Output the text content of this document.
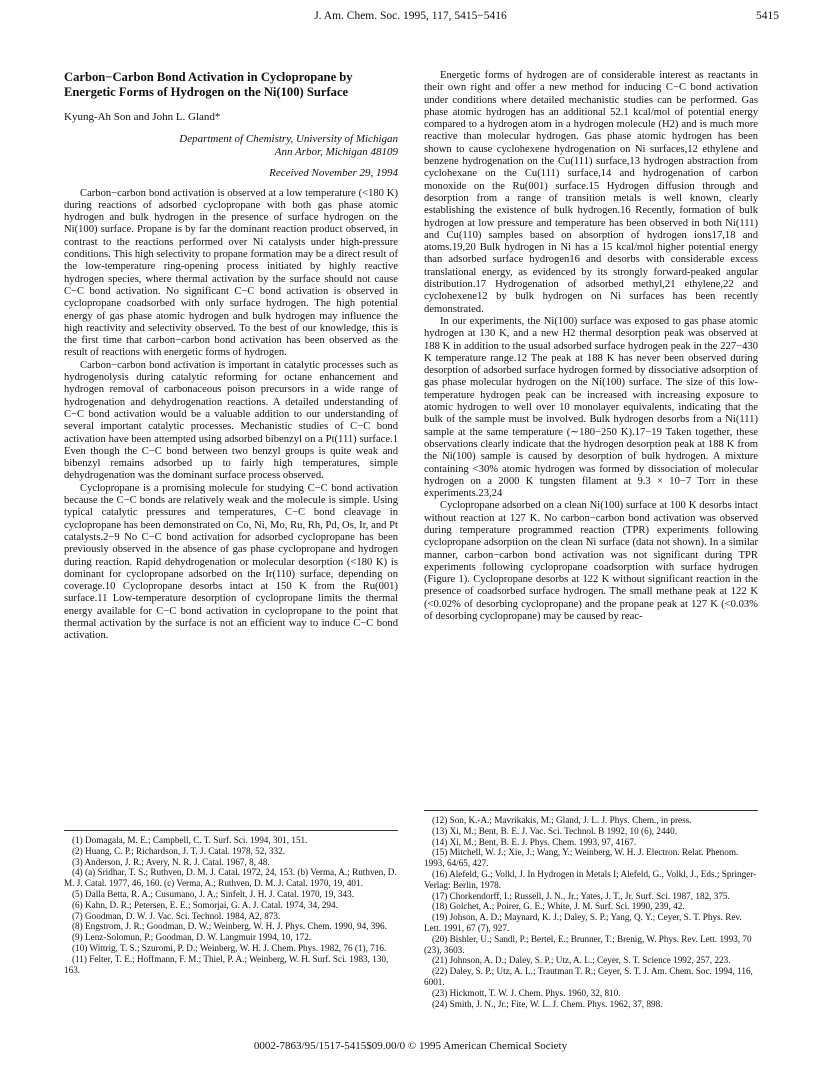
J. Am. Chem. Soc. 1995, 117, 5415−5416	5415
Carbon−Carbon Bond Activation in Cyclopropane by Energetic Forms of Hydrogen on the Ni(100) Surface
Kyung-Ah Son and John L. Gland*
Department of Chemistry, University of Michigan
Ann Arbor, Michigan 48109
Received November 29, 1994

Carbon−carbon bond activation is observed at a low temperature (<180 K) during reactions of adsorbed cyclopropane with both gas phase atomic hydrogen and bulk hydrogen in the presence of surface hydrogen on the Ni(100) surface. Propane is by far the dominant reaction product observed, in contrast to the reactions performed over Ni catalysts under high-pressure conditions. This high selectivity to propane formation may be a direct result of the low-temperature ring-opening process initiated by highly reactive hydrogen species, where thermal activation by the surface should not cause C−C bond activation. No significant C−C bond activation is observed in cyclopropane coadsorbed with only surface hydrogen. The high potential energy of gas phase atomic hydrogen and bulk hydrogen may influence the high reactivity and selectivity observed. To the best of our knowledge, this is the first time that carbon−carbon bond activation has been observed as the result of reactions with energetic forms of hydrogen.

Carbon−carbon bond activation is important in catalytic processes such as hydrogenolysis during catalytic reforming for octane enhancement and hydrogen removal of carbonaceous poison precursors in a wide range of hydrogenation and dehydrogenation reactions. A detailed understanding of C−C bond activation would be a valuable addition to our understanding of several important catalytic processes. Mechanistic studies of C−C bond activation have been attempted using adsorbed bibenzyl on a Pt(111) surface.1 Even though the C−C bond between two benzyl groups is quite weak and bibenzyl remains adsorbed up to fairly high temperatures, simple dehydrogenation was the dominant surface process observed.

Cyclopropane is a promising molecule for studying C−C bond activation because the C−C bonds are relatively weak and the molecule is simple. Using typical catalytic pressures and temperatures, C−C bond cleavage in cyclopropane has been demonstrated on Co, Ni, Mo, Ru, Rh, Pd, Os, Ir, and Pt catalysts.2−9 No C−C bond activation for adsorbed cyclopropane has been previously observed in the absence of gas phase cyclopropane and hydrogen during reaction. Rapid dehydrogenation or molecular desorption (<180 K) is dominant for cyclopropane adsorbed on the Ir(110) surface, depending on coverage.10 Cyclopropane desorbs intact at 150 K from the Ru(001) surface.11 Low-temperature desorption of cyclopropane limits the thermal energy available for C−C bond activation in cyclopropane to the point that thermal activation by the surface is not an efficient way to induce C−C bond activation.

Energetic forms of hydrogen are of considerable interest as reactants in their own right and offer a new method for inducing C−C bond activation under conditions where detailed mechanistic studies can be performed. Gas phase atomic hydrogen has an additional 52.1 kcal/mol of potential energy compared to a hydrogen atom in a hydrogen molecule (H2) and is much more reactive than molecular hydrogen. Gas phase atomic hydrogen has been shown to cause cyclohexene hydrogenation on Ni surfaces,12 ethylene and benzene hydrogenation on the Cu(111) surface,13 hydrogen abstraction from cyclohexane on the Cu(111) surface,14 and hydrogenation of carbon monoxide on the Ru(001) surface.15 Hydrogen diffusion through and desorption from a range of transition metals is well known, clearly establishing the existence of bulk hydrogen.16 Recently, formation of bulk hydrogen at low pressure and temperature has been observed in both Ni(111) and Cu(110) samples based on absorption of hydrogen ions17,18 and atoms.19,20 Bulk hydrogen in Ni has a 15 kcal/mol higher potential energy than adsorbed surface hydrogen16 and desorbs with considerable excess translational energy, as evidenced by its strongly forward-peaked angular distribution.17 Hydrogenation of adsorbed methyl,21 ethylene,22 and cyclohexene12 by bulk hydrogen on Ni surfaces has been recently demonstrated.

In our experiments, the Ni(100) surface was exposed to gas phase atomic hydrogen at 130 K, and a new H2 thermal desorption peak was observed at 188 K in addition to the usual adsorbed surface hydrogen peak in the 227−430 K temperature range.12 The peak at 188 K has never been observed during desorption of adsorbed surface hydrogen formed by dissociative adsorption of gas phase molecular hydrogen on the Ni(100) surface. The size of this low-temperature hydrogen peak can be increased with increasing exposure to atomic hydrogen to well over 10 monolayer equivalents, indicating that the bulk of the sample must be involved. Bulk hydrogen desorbs from a Ni(111) sample at the same temperature (∼180−250 K).17−19 Taken together, these observations clearly indicate that the hydrogen desorption peak at 188 K from the Ni(100) sample is caused by desorption of bulk hydrogen. A mixture containing <30% atomic hydrogen was formed by dissociation of molecular hydrogen on a 2000 K tungsten filament at 9.3 × 10−7 Torr in these experiments.23,24

Cyclopropane adsorbed on a clean Ni(100) surface at 100 K desorbs intact without reaction at 127 K. No carbon−carbon bond activation was observed during temperature programmed reaction (TPR) experiments following cyclopropane adsorption on the clean Ni surface (data not shown). In a similar manner, carbon−carbon bond activation was not significant during TPR experiments following cyclopropane coadsorption with surface hydrogen (Figure 1). Cyclopropane desorbs at 122 K without significant reaction in the presence of coadsorbed surface hydrogen. The small methane peak at 122 K (<0.02% of desorbing cyclopropane) and the propane peak at 127 K (<0.03% of desorbing cyclopropane) may be caused by reac-

(1) Domagala, M. E.; Campbell, C. T. Surf. Sci. 1994, 301, 151.
(2) Huang, C. P.; Richardson, J. T. J. Catal. 1978, 52, 332.
(3) Anderson, J. R.; Avery, N. R. J. Catal. 1967, 8, 48.
(4) (a) Sridhar, T. S.; Ruthven, D. M. J. Catal. 1972, 24, 153. (b) Verma, A.; Ruthven, D. M. J. Catal. 1977, 46, 160. (c) Verma, A.; Ruthven, D. M. J. Catal. 1970, 19, 401.
(5) Dalla Betta, R. A.; Cusumano, J. A.; Sinfelt, J. H. J. Catal. 1970, 19, 343.
(6) Kahn, D. R.; Petersen, E. E.; Somorjai, G. A. J. Catal. 1974, 34, 294.
(7) Goodman, D. W. J. Vac. Sci. Technol. 1984, A2, 873.
(8) Engstrom, J. R.; Goodman, D. W.; Weinberg, W. H. J. Phys. Chem. 1990, 94, 396.
(9) Lenz-Solomun, P.; Goodman, D. W. Langmuir 1994, 10, 172.
(10) Wittrig, T. S.; Szuromi, P. D.; Weinberg, W. H. J. Chem. Phys. 1982, 76 (1), 716.
(11) Felter, T. E.; Hoffmann, F. M.; Thiel, P. A.; Weinberg, W. H. Surf. Sci. 1983, 130, 163.
(12) Son, K.-A.; Mavrikakis, M.; Gland, J. L. J. Phys. Chem., in press.
(13) Xi, M.; Bent, B. E. J. Vac. Sci. Technol. B 1992, 10 (6), 2440.
(14) Xi, M.; Bent, B. E. J. Phys. Chem. 1993, 97, 4167.
(15) Mitchell, W. J.; Xie, J.; Wang, Y.; Weinberg, W. H. J. Electron. Relat. Phenom. 1993, 64/65, 427.
(16) Alefeld, G.; Volkl, J. In Hydrogen in Metals I; Alefeld, G., Volkl, J., Eds.; Springer-Verlag: Berlin, 1978.
(17) Chorkendorff, I.; Russell, J. N., Jr.; Yates, J. T., Jr. Surf. Sci. 1987, 182, 375.
(18) Golchet, A.; Poirer, G. E.; White, J. M. Surf. Sci. 1990, 239, 42.
(19) Johson, A. D.; Maynard, K. J.; Daley, S. P.; Yang, Q. Y.; Ceyer, S. T. Phys. Rev. Lett. 1991, 67 (7), 927.
(20) Bishler, U.; Sandl, P.; Bertel, E.; Brunner, T.; Brenig, W. Phys. Rev. Lett. 1993, 70 (23), 3603.
(21) Johnson, A. D.; Daley, S. P.; Utz, A. L.; Ceyer, S. T. Science 1992, 257, 223.
(22) Daley, S. P.; Utz, A. L.; Trautman T. R.; Ceyer, S. T. J. Am. Chem. Soc. 1994, 116, 6001.
(23) Hickmott, T. W. J. Chem. Phys. 1960, 32, 810.
(24) Smith, J. N., Jr.; Fite, W. L. J. Chem. Phys. 1962, 37, 898.
0002-7863/95/1517-5415$09.00/0 © 1995 American Chemical Society
